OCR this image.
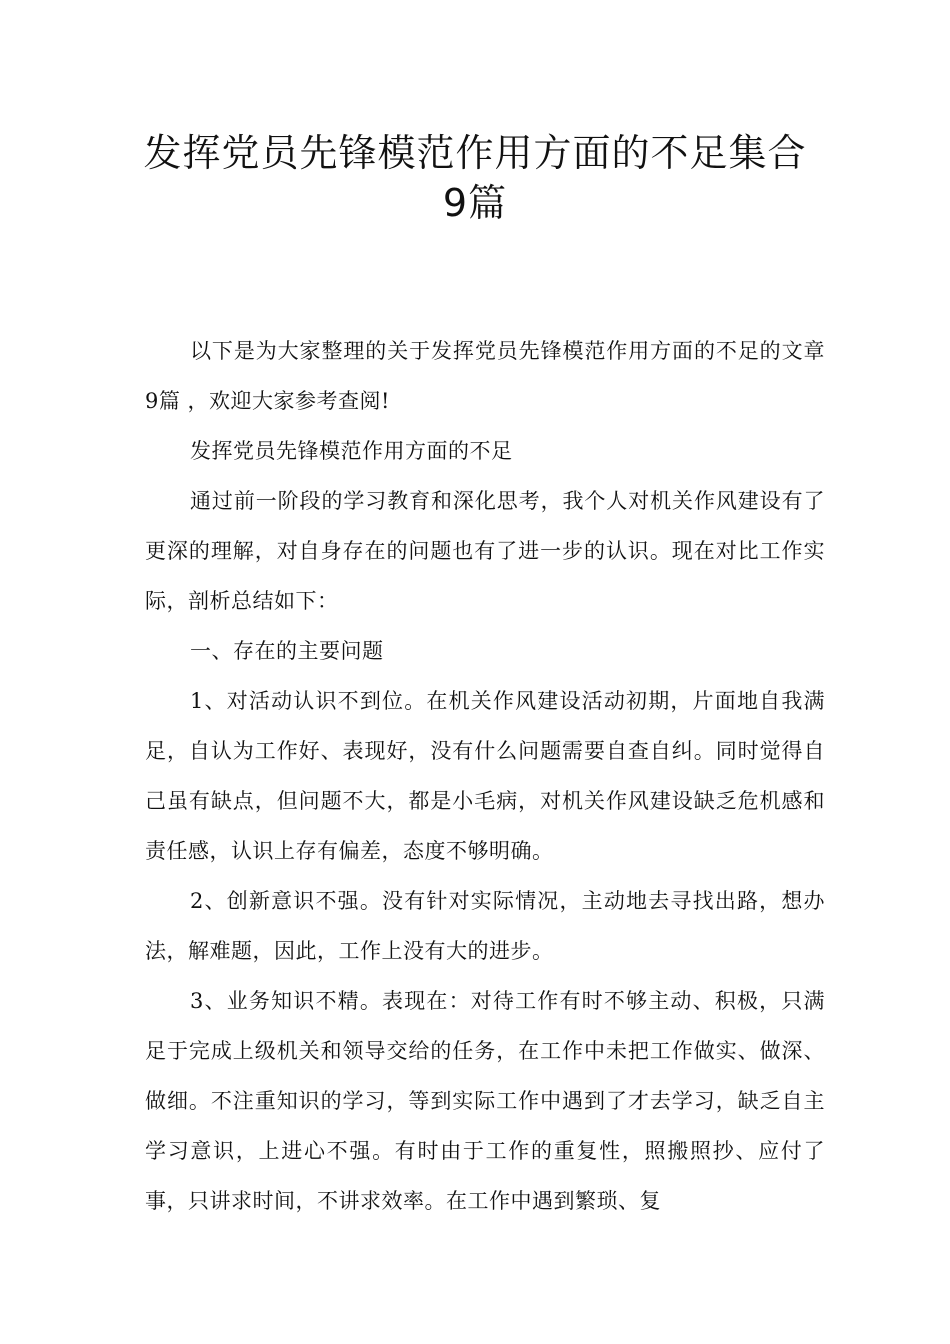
发挥党员先锋模范作用方面的不足集合
9篇

以下是为大家整理的关于发挥党员先锋模范作用方面的不足的文章9篇 ，欢迎大家参考查阅!

发挥党员先锋模范作用方面的不足

通过前一阶段的学习教育和深化思考，我个人对机关作风建设有了更深的理解，对自身存在的问题也有了进一步的认识。现在对比工作实际，剖析总结如下：

一、存在的主要问题

1、对活动认识不到位。在机关作风建设活动初期，片面地自我满足，自认为工作好、表现好，没有什么问题需要自查自纠。同时觉得自己虽有缺点，但问题不大，都是小毛病，对机关作风建设缺乏危机感和责任感，认识上存有偏差，态度不够明确。

2、创新意识不强。没有针对实际情况，主动地去寻找出路，想办法，解难题，因此，工作上没有大的进步。

3、业务知识不精。表现在：对待工作有时不够主动、积极，只满足于完成上级机关和领导交给的任务，在工作中未把工作做实、做深、做细。不注重知识的学习，等到实际工作中遇到了才去学习，缺乏自主学习意识，上进心不强。有时由于工作的重复性，照搬照抄、应付了事，只讲求时间，不讲求效率。在工作中遇到繁琐、复
